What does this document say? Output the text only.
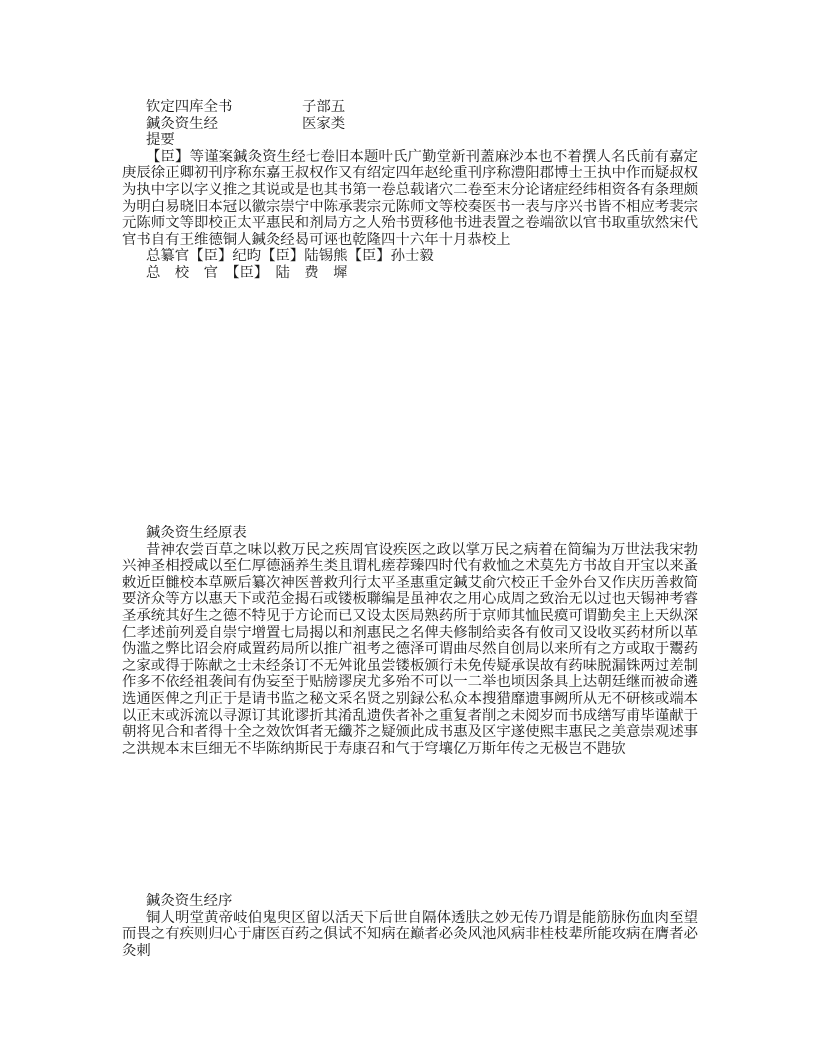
钦定四库全书	子部五
鍼灸资生经	医家类
提要
【臣】等谨案鍼灸资生经七卷旧本题叶氏广勤堂新刊蓋麻沙本也不着撰人名氏前有嘉定庚辰徐正卿初刊序称东嘉王叔权作又有绍定四年赵纶重刊序称澧阳郡博士王执中作而疑叔权为执中字以字义推之其说或是也其书第一卷总载诸穴二卷至末分论诸症经纬相资各有条理颇为明白易晓旧本冠以徽宗崇宁中陈承裴宗元陈师文等校奏医书一表与序兴书皆不相应考裴宗元陈师文等即校正太平惠民和剂局方之人殆书贾移他书进表置之卷端欲以官书取重欤然宋代官书自有王维德铜人鍼灸经曷可诬也乾隆四十六年十月恭校上
总纂官【臣】纪昀【臣】陆锡熊【臣】孙士毅
总　校　官　【臣】　陆　费　墀
鍼灸资生经原表
昔神农尝百草之味以救万民之疾周官设疾医之政以掌万民之病着在简编为万世法我宋勃兴神圣相授咸以至仁厚德涵养生类且谓札瘥荐臻四时代有救恤之术莫先方书故自开宝以来蚤敕近臣雠校本草厥后纂次神医普救刋行太平圣惠重定鍼艾俞穴校正千金外台又作庆历善救简要济众等方以惠天下或范金揭石或镂板聯编是虽神农之用心成周之致治无以过也天锡神考睿圣承统其好生之德不特见于方论而已又设太医局熟药所于京师其恤民瘼可谓勤矣主上天纵深仁孝述前列爰自崇宁增置七局揭以和剂惠民之名俾夫修制给卖各有攸司又设收买药材所以革伪滥之弊比诏会府咸置药局所以推广祖考之德泽可谓曲尽然自创局以来所有之方或取于鬻药之家或得于陈献之士未经条订不无舛讹虽尝镂板颁行未免传疑承误故有药味脱漏铢两过差制作多不依经祖袭间有伪妄至于贴牓谬戾尤多殆不可以一二举也顷因条具上达朝廷继而被命遴选通医俾之刋正于是请书监之秘文采名贤之别録公私众本搜猎靡遗事阙所从无不研核或端本以正末或泝流以寻源订其讹谬折其淆乱遗佚者补之重复者削之未阅岁而书成缮写甫毕谨献于朝将见合和者得十全之效饮饵者无纖芥之疑颁此成书惠及区宇遂使熙丰惠民之美意崇观述事之洪规本末巨细无不毕陈纳斯民于寿康召和气于穹壤亿万斯年传之无极岂不韪欤
鍼灸资生经序
铜人明堂黄帝岐伯鬼臾区留以活天下后世自隔体透肤之妙无传乃谓是能筋脉伤血肉至望而畏之有疾则归心于庸医百药之俱试不知病在巅者必灸风池风病非桂枝辈所能攻病在膺者必灸刺
